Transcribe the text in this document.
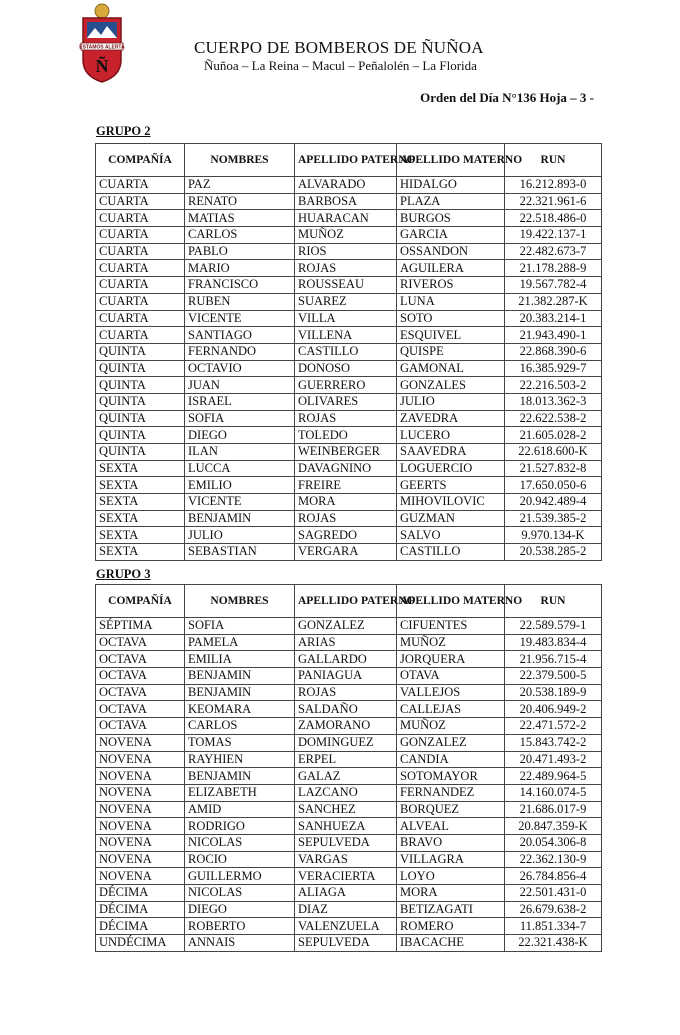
ESTAMOS ALERTA
Ñ
CUERPO DE BOMBEROS DE ÑUÑOA
Ñuñoa – La Reina – Macul – Peñalolén – La Florida
Orden del Día N°136 Hoja – 3 -
GRUPO 2
COMPAÑÍA	NOMBRES	APELLIDO PATERNO	APELLIDO MATERNO	RUN
CUARTA	PAZ	ALVARADO	HIDALGO	16.212.893-0
CUARTA	RENATO	BARBOSA	PLAZA	22.321.961-6
CUARTA	MATIAS	HUARACAN	BURGOS	22.518.486-0
CUARTA	CARLOS	MUÑOZ	GARCIA	19.422.137-1
CUARTA	PABLO	RIOS	OSSANDON	22.482.673-7
CUARTA	MARIO	ROJAS	AGUILERA	21.178.288-9
CUARTA	FRANCISCO	ROUSSEAU	RIVEROS	19.567.782-4
CUARTA	RUBEN	SUAREZ	LUNA	21.382.287-K
CUARTA	VICENTE	VILLA	SOTO	20.383.214-1
CUARTA	SANTIAGO	VILLENA	ESQUIVEL	21.943.490-1
QUINTA	FERNANDO	CASTILLO	QUISPE	22.868.390-6
QUINTA	OCTAVIO	DONOSO	GAMONAL	16.385.929-7
QUINTA	JUAN	GUERRERO	GONZALES	22.216.503-2
QUINTA	ISRAEL	OLIVARES	JULIO	18.013.362-3
QUINTA	SOFIA	ROJAS	ZAVEDRA	22.622.538-2
QUINTA	DIEGO	TOLEDO	LUCERO	21.605.028-2
QUINTA	ILAN	WEINBERGER	SAAVEDRA	22.618.600-K
SEXTA	LUCCA	DAVAGNINO	LOGUERCIO	21.527.832-8
SEXTA	EMILIO	FREIRE	GEERTS	17.650.050-6
SEXTA	VICENTE	MORA	MIHOVILOVIC	20.942.489-4
SEXTA	BENJAMIN	ROJAS	GUZMAN	21.539.385-2
SEXTA	JULIO	SAGREDO	SALVO	9.970.134-K
SEXTA	SEBASTIAN	VERGARA	CASTILLO	20.538.285-2
GRUPO 3
COMPAÑÍA	NOMBRES	APELLIDO PATERNO	APELLIDO MATERNO	RUN
SÉPTIMA	SOFIA	GONZALEZ	CIFUENTES	22.589.579-1
OCTAVA	PAMELA	ARIAS	MUÑOZ	19.483.834-4
OCTAVA	EMILIA	GALLARDO	JORQUERA	21.956.715-4
OCTAVA	BENJAMIN	PANIAGUA	OTAVA	22.379.500-5
OCTAVA	BENJAMIN	ROJAS	VALLEJOS	20.538.189-9
OCTAVA	KEOMARA	SALDAÑO	CALLEJAS	20.406.949-2
OCTAVA	CARLOS	ZAMORANO	MUÑOZ	22.471.572-2
NOVENA	TOMAS	DOMINGUEZ	GONZALEZ	15.843.742-2
NOVENA	RAYHIEN	ERPEL	CANDIA	20.471.493-2
NOVENA	BENJAMIN	GALAZ	SOTOMAYOR	22.489.964-5
NOVENA	ELIZABETH	LAZCANO	FERNANDEZ	14.160.074-5
NOVENA	AMID	SANCHEZ	BORQUEZ	21.686.017-9
NOVENA	RODRIGO	SANHUEZA	ALVEAL	20.847.359-K
NOVENA	NICOLAS	SEPULVEDA	BRAVO	20.054.306-8
NOVENA	ROCIO	VARGAS	VILLAGRA	22.362.130-9
NOVENA	GUILLERMO	VERACIERTA	LOYO	26.784.856-4
DÉCIMA	NICOLAS	ALIAGA	MORA	22.501.431-0
DÉCIMA	DIEGO	DIAZ	BETIZAGATI	26.679.638-2
DÉCIMA	ROBERTO	VALENZUELA	ROMERO	11.851.334-7
UNDÉCIMA	ANNAIS	SEPULVEDA	IBACACHE	22.321.438-K
